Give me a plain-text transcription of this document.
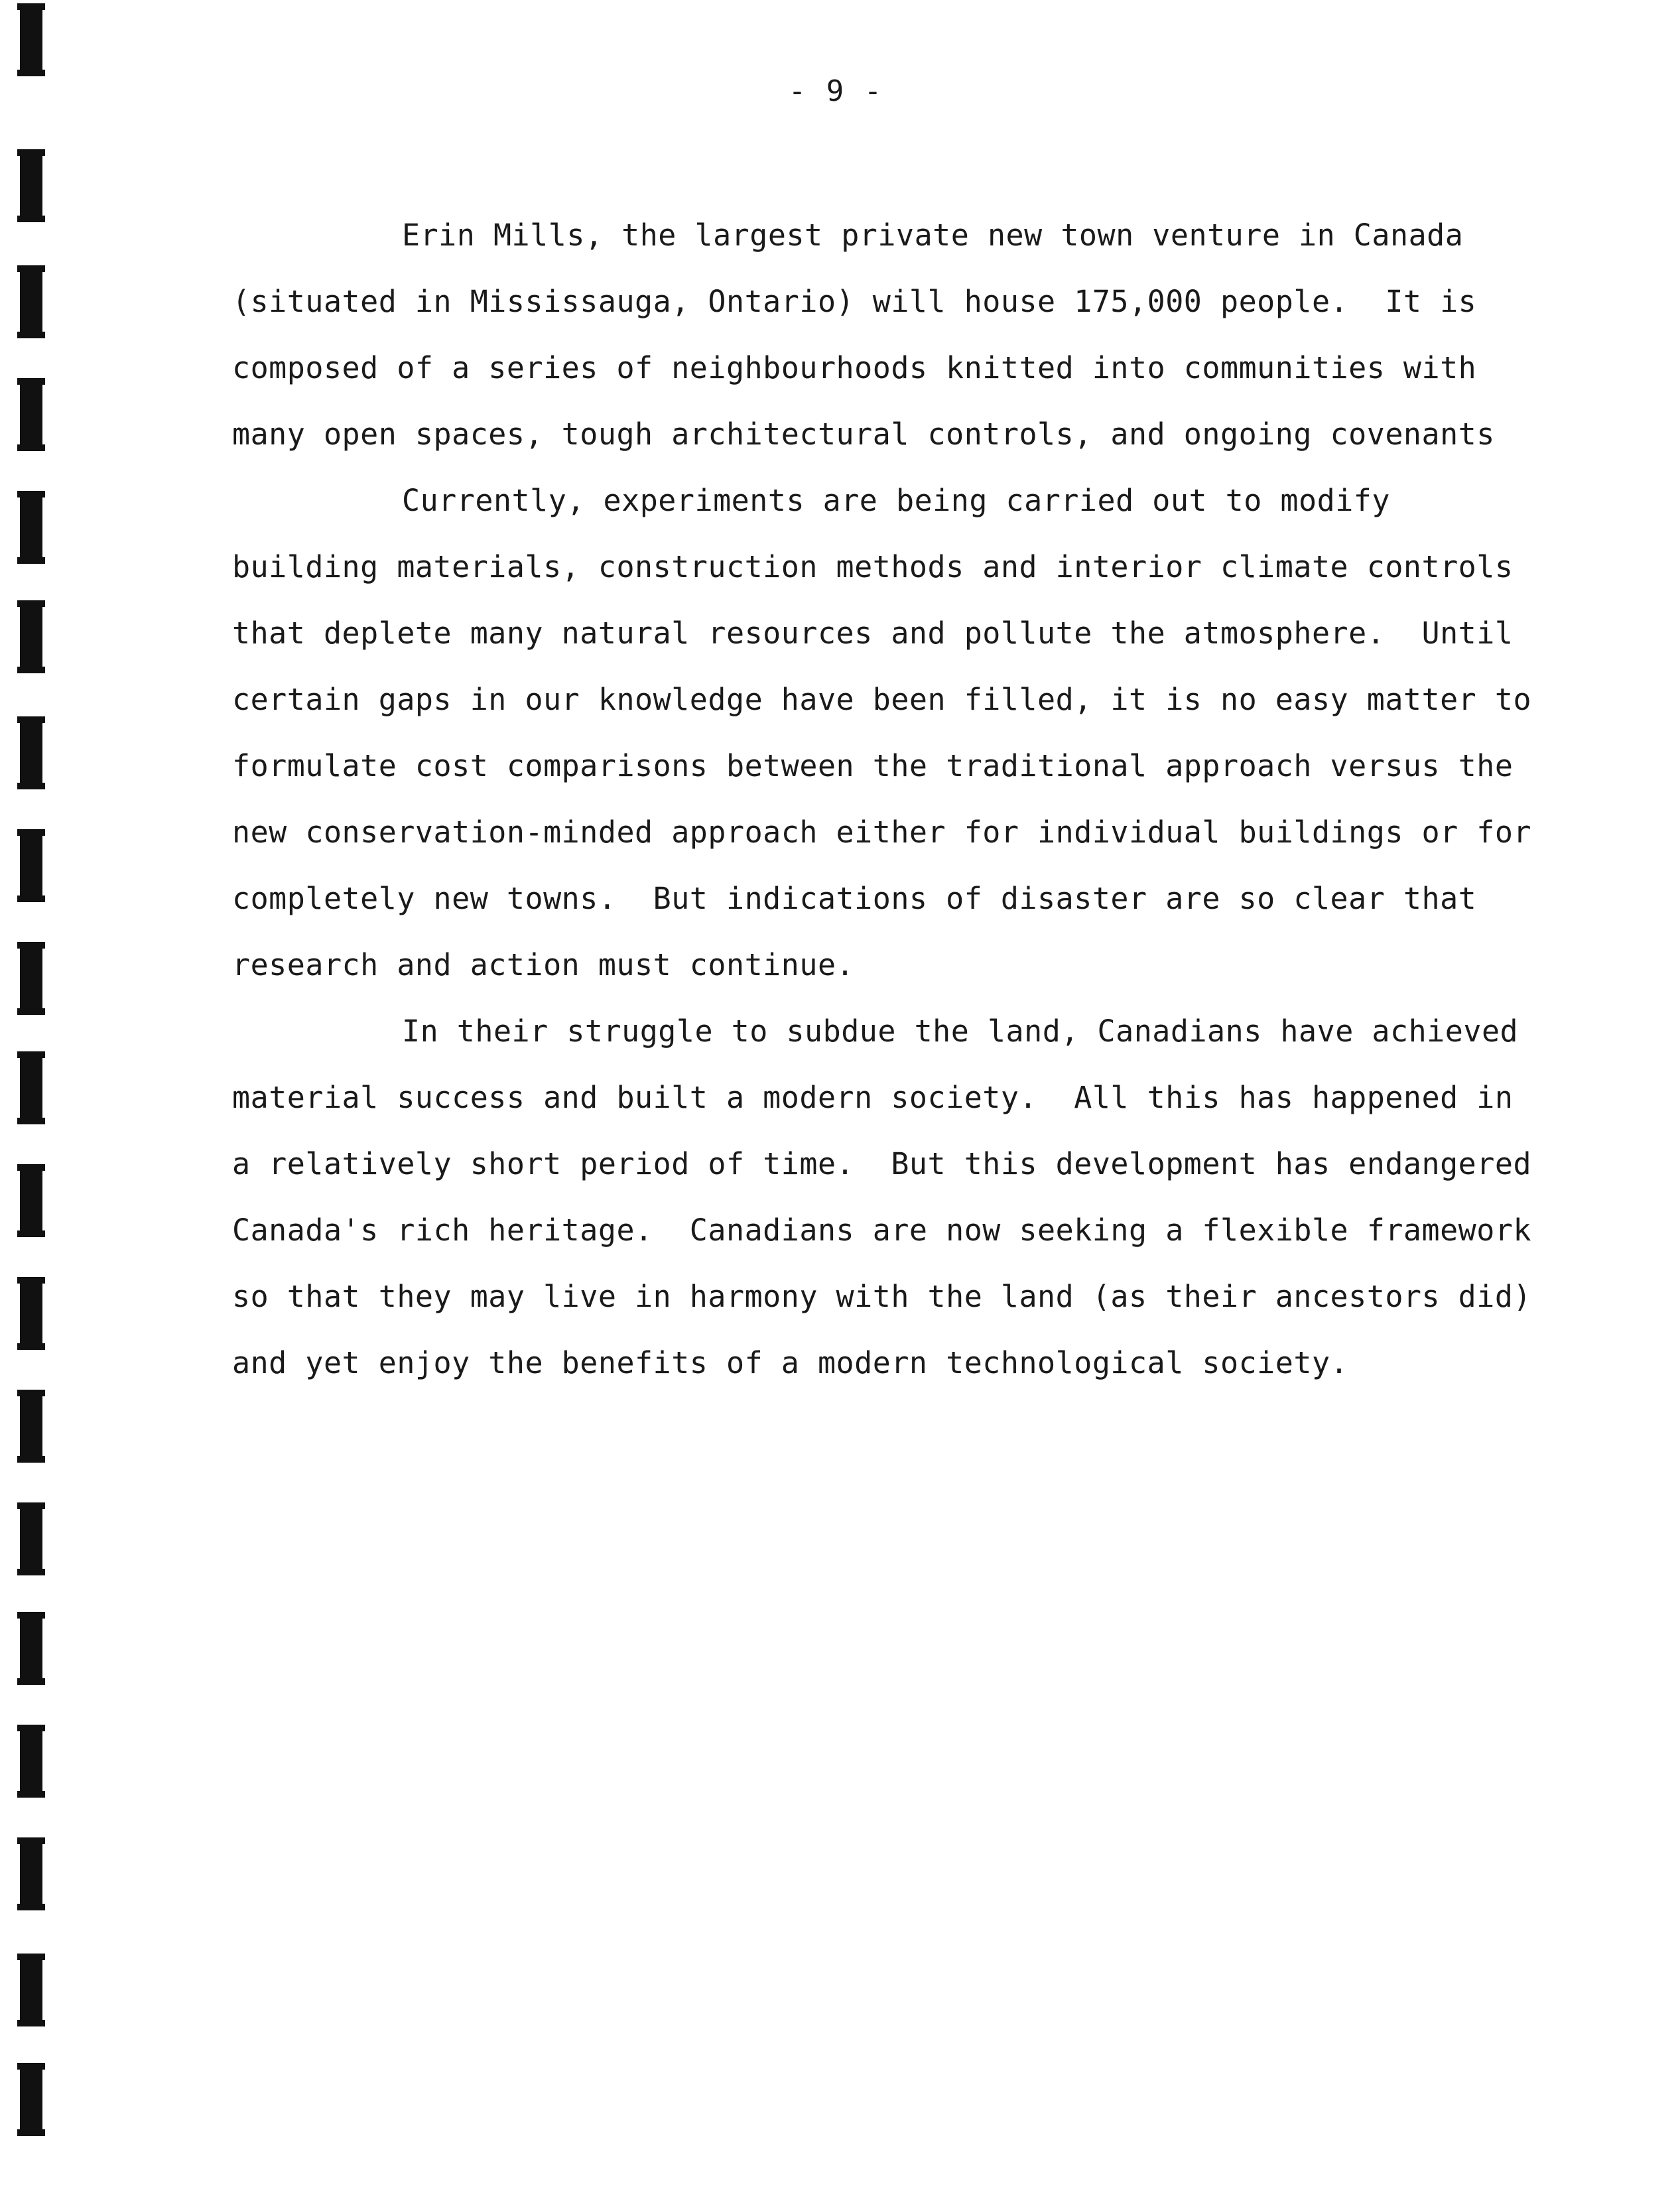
- 9 -
Erin Mills, the largest private new town venture in Canada
(situated in Mississauga, Ontario) will house 175,000 people.  It is
composed of a series of neighbourhoods knitted into communities with
many open spaces, tough architectural controls, and ongoing covenants
Currently, experiments are being carried out to modify
building materials, construction methods and interior climate controls
that deplete many natural resources and pollute the atmosphere.  Until
certain gaps in our knowledge have been filled, it is no easy matter to
formulate cost comparisons between the traditional approach versus the
new conservation-minded approach either for individual buildings or for
completely new towns.  But indications of disaster are so clear that
research and action must continue.
In their struggle to subdue the land, Canadians have achieved
material success and built a modern society.  All this has happened in
a relatively short period of time.  But this development has endangered
Canada's rich heritage.  Canadians are now seeking a flexible framework
so that they may live in harmony with the land (as their ancestors did)
and yet enjoy the benefits of a modern technological society.
